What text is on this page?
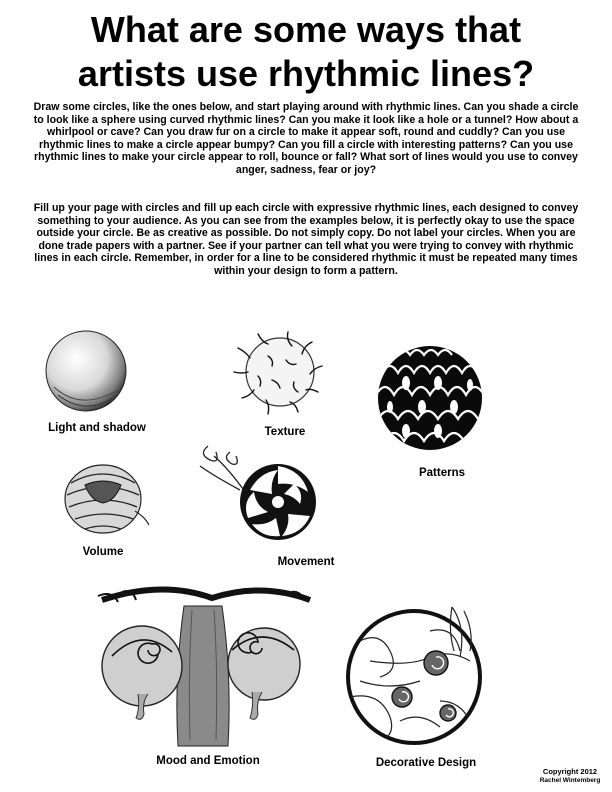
What are some ways that
artists use rhythmic lines?
Draw some circles, like the ones below, and start playing around with rhythmic lines. Can you shade a circle to look like a sphere using curved rhythmic lines? Can you make it look like a hole or a tunnel? How about a whirlpool or cave? Can you draw fur on a circle to make it appear soft, round and cuddly? Can you use rhythmic lines to make a circle appear bumpy? Can you fill a circle with interesting patterns? Can you use rhythmic lines to make your circle appear to roll, bounce or fall? What sort of lines would you use to convey anger, sadness, fear or joy?
Fill up your page with circles and fill up each circle with expressive rhythmic lines, each designed to convey something to your audience. As you can see from the examples below, it is perfectly okay to use the space outside your circle. Be as creative as possible. Do not simply copy. Do not label your circles. When you are done trade papers with a partner. See if your partner can tell what you were trying to convey with rhythmic lines in each circle. Remember, in order for a line to be considered rhythmic it must be repeated many times within your design to form a pattern.
Light and shadow	Texture
Patterns
Volume
Movement
Mood and Emotion	Decorative Design
Copyright 2012
Rachel Wintemberg
